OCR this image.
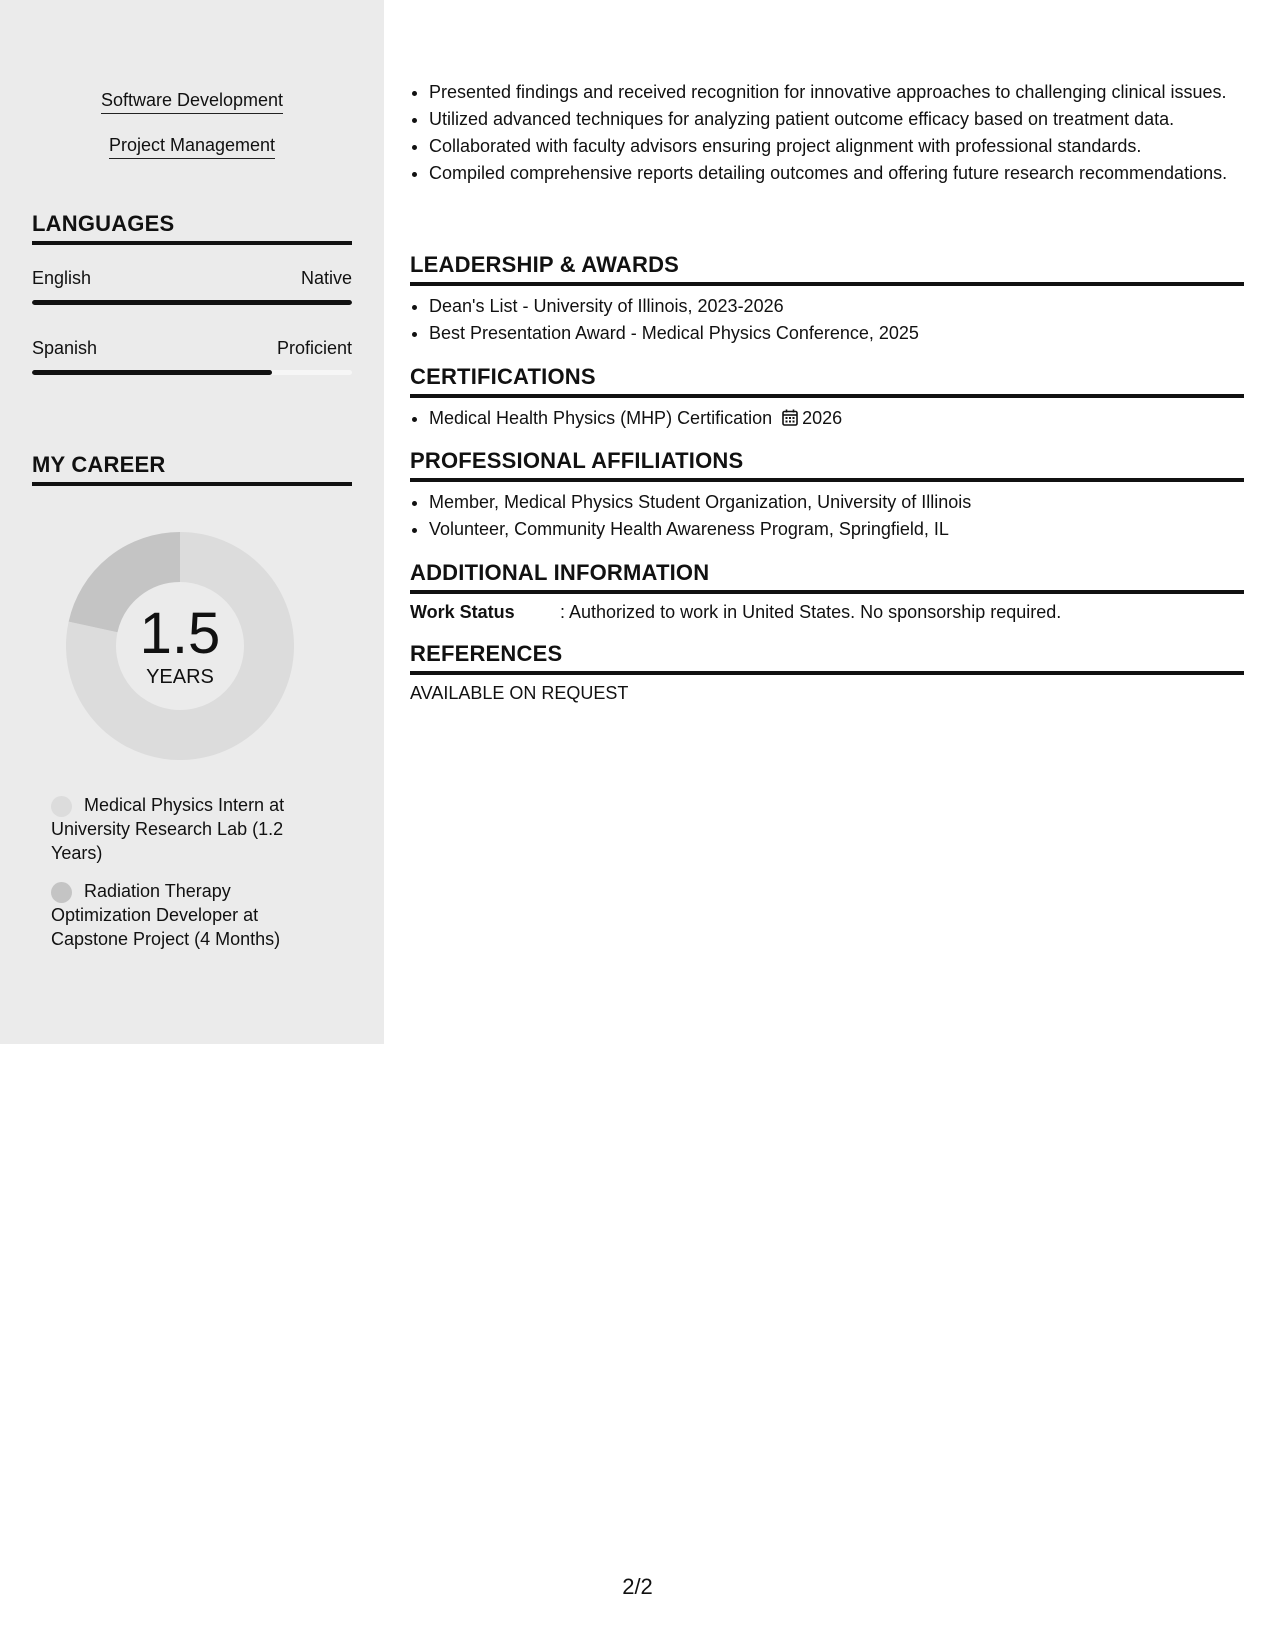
Software Development
Project Management
LANGUAGES
English	Native
Spanish	Proficient
MY CAREER
1.5
YEARS
Medical Physics Intern at University Research Lab (1.2 Years)
Radiation Therapy Optimization Developer at Capstone Project (4 Months)
• Presented findings and received recognition for innovative approaches to challenging clinical issues.
• Utilized advanced techniques for analyzing patient outcome efficacy based on treatment data.
• Collaborated with faculty advisors ensuring project alignment with professional standards.
• Compiled comprehensive reports detailing outcomes and offering future research recommendations.
LEADERSHIP & AWARDS
• Dean's List - University of Illinois, 2023-2026
• Best Presentation Award - Medical Physics Conference, 2025
CERTIFICATIONS
• Medical Health Physics (MHP) Certification 2026
PROFESSIONAL AFFILIATIONS
• Member, Medical Physics Student Organization, University of Illinois
• Volunteer, Community Health Awareness Program, Springfield, IL
ADDITIONAL INFORMATION
Work Status	: Authorized to work in United States. No sponsorship required.
REFERENCES
AVAILABLE ON REQUEST
2/2
